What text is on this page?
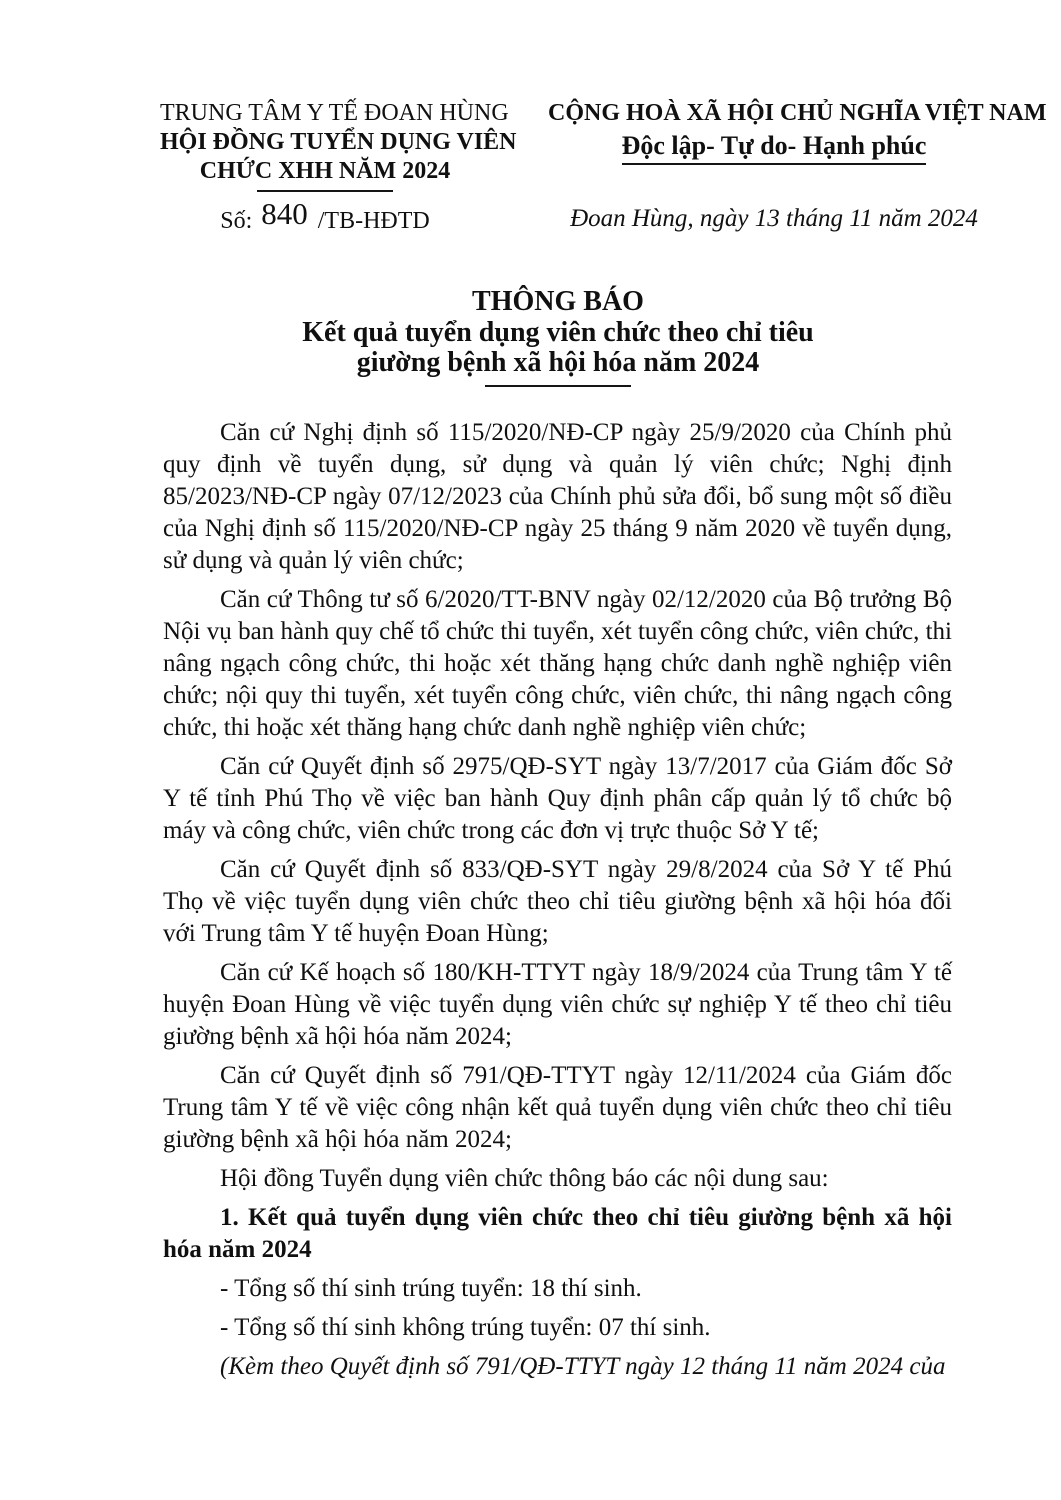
TRUNG TÂM Y TẾ ĐOAN HÙNG
HỘI ĐỒNG TUYỂN DỤNG VIÊN
CHỨC XHH NĂM 2024
Số: 840 /TB-HĐTD
CỘNG HOÀ XÃ HỘI CHỦ NGHĨA VIỆT NAM
Độc lập- Tự do- Hạnh phúc
Đoan Hùng, ngày 13 tháng 11 năm 2024
THÔNG BÁO
Kết quả tuyển dụng viên chức theo chỉ tiêu
giường bệnh xã hội hóa năm 2024

Căn cứ Nghị định số 115/2020/NĐ-CP ngày 25/9/2020 của Chính phủ quy định về tuyển dụng, sử dụng và quản lý viên chức; Nghị định 85/2023/NĐ-CP ngày 07/12/2023 của Chính phủ sửa đổi, bổ sung một số điều của Nghị định số 115/2020/NĐ-CP ngày 25 tháng 9 năm 2020 về tuyển dụng, sử dụng và quản lý viên chức;

Căn cứ Thông tư số 6/2020/TT-BNV ngày 02/12/2020 của Bộ trưởng Bộ Nội vụ ban hành quy chế tổ chức thi tuyển, xét tuyển công chức, viên chức, thi nâng ngạch công chức, thi hoặc xét thăng hạng chức danh nghề nghiệp viên chức; nội quy thi tuyển, xét tuyển công chức, viên chức, thi nâng ngạch công chức, thi hoặc xét thăng hạng chức danh nghề nghiệp viên chức;

Căn cứ Quyết định số 2975/QĐ-SYT ngày 13/7/2017 của Giám đốc Sở Y tế tỉnh Phú Thọ về việc ban hành Quy định phân cấp quản lý tổ chức bộ máy và công chức, viên chức trong các đơn vị trực thuộc Sở Y tế;

Căn cứ Quyết định số 833/QĐ-SYT ngày 29/8/2024 của Sở Y tế Phú Thọ về việc tuyển dụng viên chức theo chỉ tiêu giường bệnh xã hội hóa đối với Trung tâm Y tế huyện Đoan Hùng;

Căn cứ Kế hoạch số 180/KH-TTYT ngày 18/9/2024 của Trung tâm Y tế huyện Đoan Hùng về việc tuyển dụng viên chức sự nghiệp Y tế theo chỉ tiêu giường bệnh xã hội hóa năm 2024;

Căn cứ Quyết định số 791/QĐ-TTYT ngày 12/11/2024 của Giám đốc Trung tâm Y tế về việc công nhận kết quả tuyển dụng viên chức theo chỉ tiêu giường bệnh xã hội hóa năm 2024;

Hội đồng Tuyển dụng viên chức thông báo các nội dung sau:

1. Kết quả tuyển dụng viên chức theo chỉ tiêu giường bệnh xã hội hóa năm 2024

- Tổng số thí sinh trúng tuyển: 18 thí sinh.

- Tổng số thí sinh không trúng tuyển: 07 thí sinh.

(Kèm theo Quyết định số 791/QĐ-TTYT ngày 12 tháng 11 năm 2024 của
